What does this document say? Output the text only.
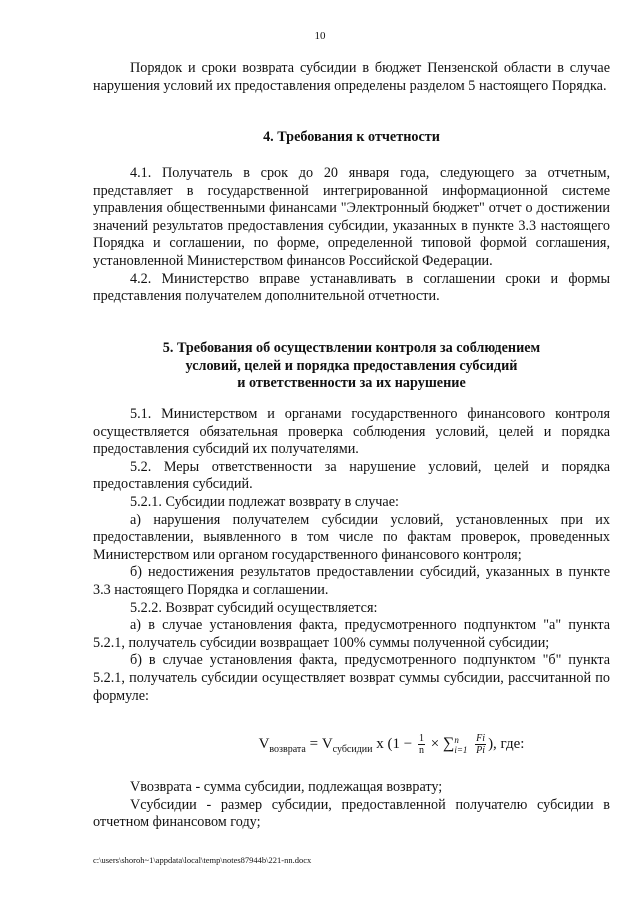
10

Порядок и сроки возврата субсидии в бюджет Пензенской области в случае нарушения условий их предоставления определены разделом 5 настоящего Порядка.

4. Требования к отчетности

4.1. Получатель в срок до 20 января года, следующего за отчетным, представляет в государственной интегрированной информационной системе управления общественными финансами "Электронный бюджет" отчет о достижении значений результатов предоставления субсидии, указанных в пункте 3.3 настоящего Порядка и соглашении, по форме, определенной типовой формой соглашения, установленной Министерством финансов Российской Федерации.

4.2. Министерство вправе устанавливать в соглашении сроки и формы представления получателем дополнительной отчетности.

5. Требования об осуществлении контроля за соблюдением
условий, целей и порядка предоставления субсидий
и ответственности за их нарушение

5.1. Министерством и органами государственного финансового контроля осуществляется обязательная проверка соблюдения условий, целей и порядка предоставления субсидий их получателями.

5.2. Меры ответственности за нарушение условий, целей и порядка предоставления субсидий.

5.2.1. Субсидии подлежат возврату в случае:

а) нарушения получателем субсидии условий, установленных при их предоставлении, выявленного в том числе по фактам проверок, проведенных Министерством или органом государственного финансового контроля;

б) недостижения результатов предоставлении субсидий, указанных в пункте 3.3 настоящего Порядка и соглашении.

5.2.2. Возврат субсидий осуществляется:

а) в случае установления факта, предусмотренного подпунктом "а" пункта 5.2.1, получатель субсидии возвращает 100% суммы полученной субсидии;

б) в случае установления факта, предусмотренного подпунктом "б" пункта 5.2.1, получатель субсидии осуществляет возврат суммы субсидии, рассчитанной по формуле:

$V_{возврата} = V_{субсидии}$ x ($1 - \frac{1}{n}$ × ∑ n
i=1
$\frac{Fi}{Pi}$ ), где:

Vвозврата - сумма субсидии, подлежащая возврату;

Vсубсидии - размер субсидии, предоставленной получателю субсидии в отчетном финансовом году;

c:\users\shoroh~1\appdata\local\temp\notes87944b\221-nn.docx
